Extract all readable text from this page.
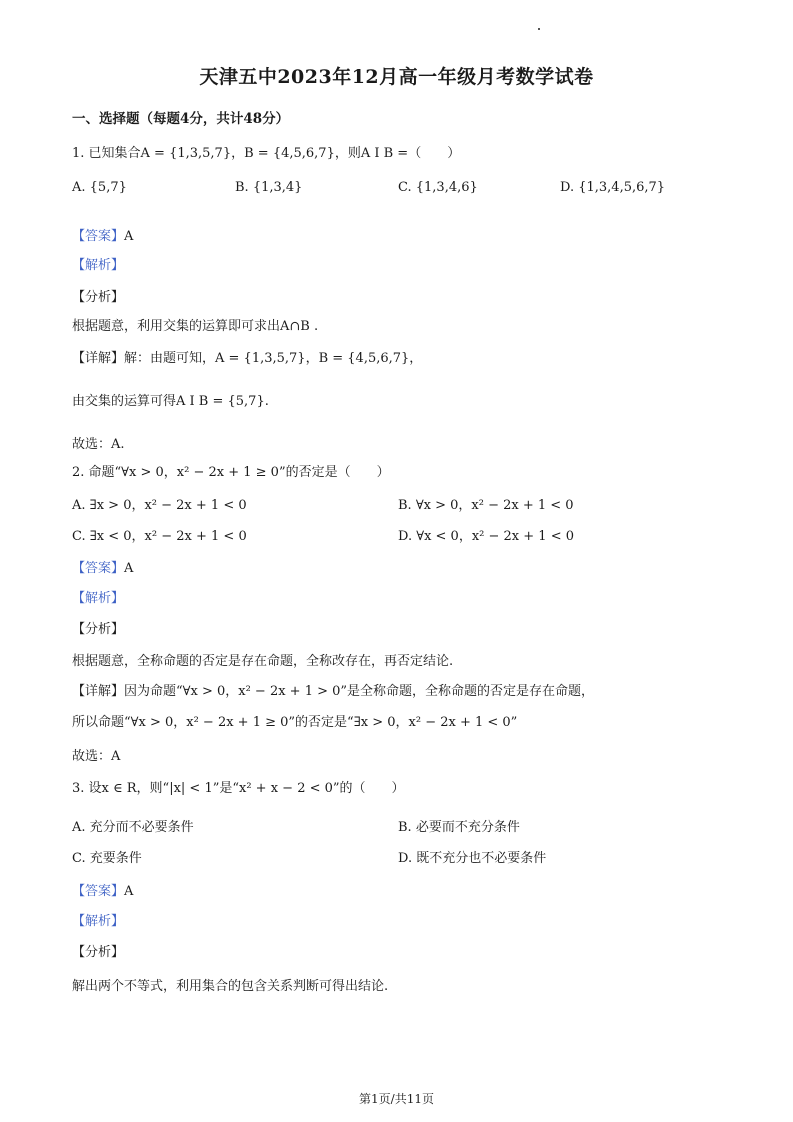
天津五中2023年12月高一年级月考数学试卷
一、选择题（每题4分，共计48分）
1. 已知集合A = {1,3,5,7}，B = {4,5,6,7}，则A I B =（　　）
A. {5,7}	B. {1,3,4}	C. {1,3,4,6}	D. {1,3,4,5,6,7}
【答案】A
【解析】
【分析】
根据题意，利用交集的运算即可求出A∩B .
【详解】解：由题可知，A = {1,3,5,7}，B = {4,5,6,7}，
由交集的运算可得A I B = {5,7}.
故选：A.
2. 命题“∀x > 0，x² − 2x + 1 ≥ 0”的否定是（　　）
A. ∃x > 0，x² − 2x + 1 < 0	B. ∀x > 0，x² − 2x + 1 < 0
C. ∃x < 0，x² − 2x + 1 < 0	D. ∀x < 0，x² − 2x + 1 < 0
【答案】A
【解析】
【分析】
根据题意，全称命题的否定是存在命题，全称改存在，再否定结论.
【详解】因为命题“∀x > 0，x² − 2x + 1 > 0”是全称命题，全称命题的否定是存在命题，
所以命题“∀x > 0，x² − 2x + 1 ≥ 0”的否定是“∃x > 0，x² − 2x + 1 < 0”
故选：A
3. 设x ∈ R，则“|x| < 1”是“x² + x − 2 < 0”的（　　）
A. 充分而不必要条件	B. 必要而不充分条件
C. 充要条件	D. 既不充分也不必要条件
【答案】A
【解析】
【分析】
解出两个不等式，利用集合的包含关系判断可得出结论.
第1页/共11页
